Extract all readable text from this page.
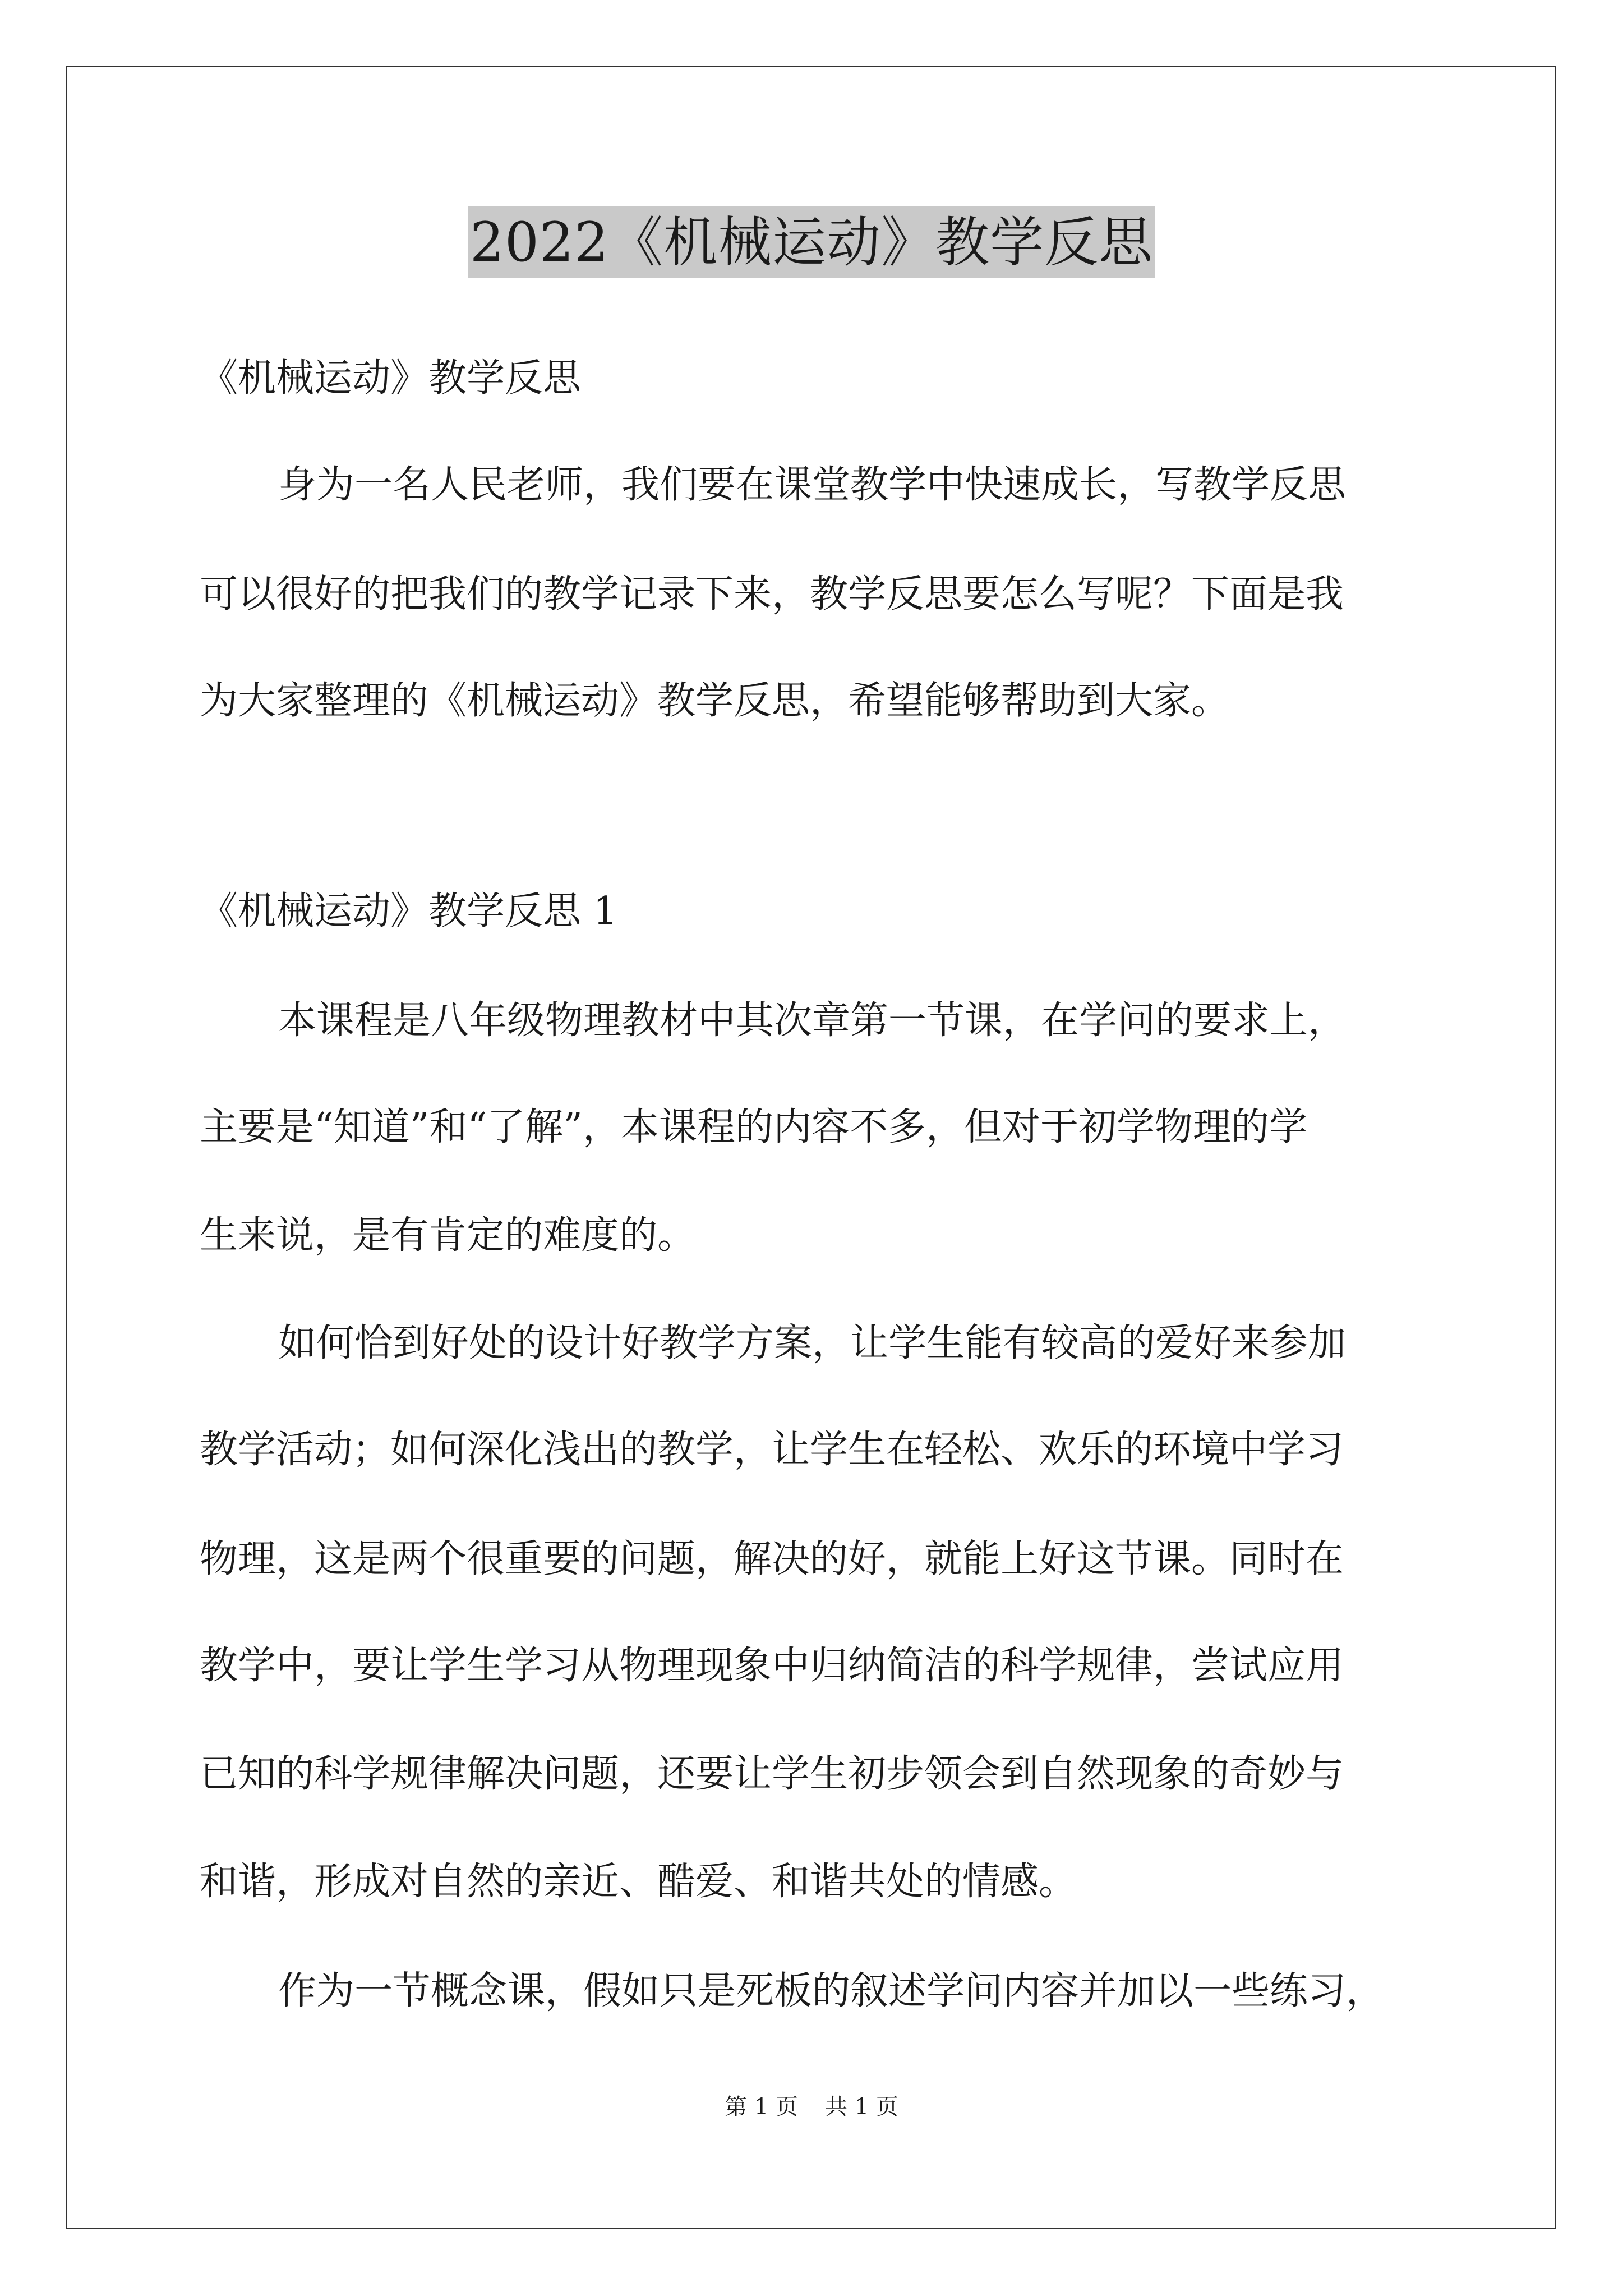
2022《机械运动》教学反思
《机械运动》教学反思
身为一名人民老师，我们要在课堂教学中快速成长，写教学反思
可以很好的把我们的教学记录下来，教学反思要怎么写呢？下面是我
为大家整理的《机械运动》教学反思，希望能够帮助到大家。
《机械运动》教学反思 1
本课程是八年级物理教材中其次章第一节课，在学问的要求上，
主要是“知道”和“了解”，本课程的内容不多，但对于初学物理的学
生来说，是有肯定的难度的。
如何恰到好处的设计好教学方案，让学生能有较高的爱好来参加
教学活动；如何深化浅出的教学，让学生在轻松、欢乐的环境中学习
物理，这是两个很重要的问题，解决的好，就能上好这节课。同时在
教学中，要让学生学习从物理现象中归纳简洁的科学规律，尝试应用
已知的科学规律解决问题，还要让学生初步领会到自然现象的奇妙与
和谐，形成对自然的亲近、酷爱、和谐共处的情感。
作为一节概念课，假如只是死板的叙述学问内容并加以一些练习，
第 1 页 共 1 页
